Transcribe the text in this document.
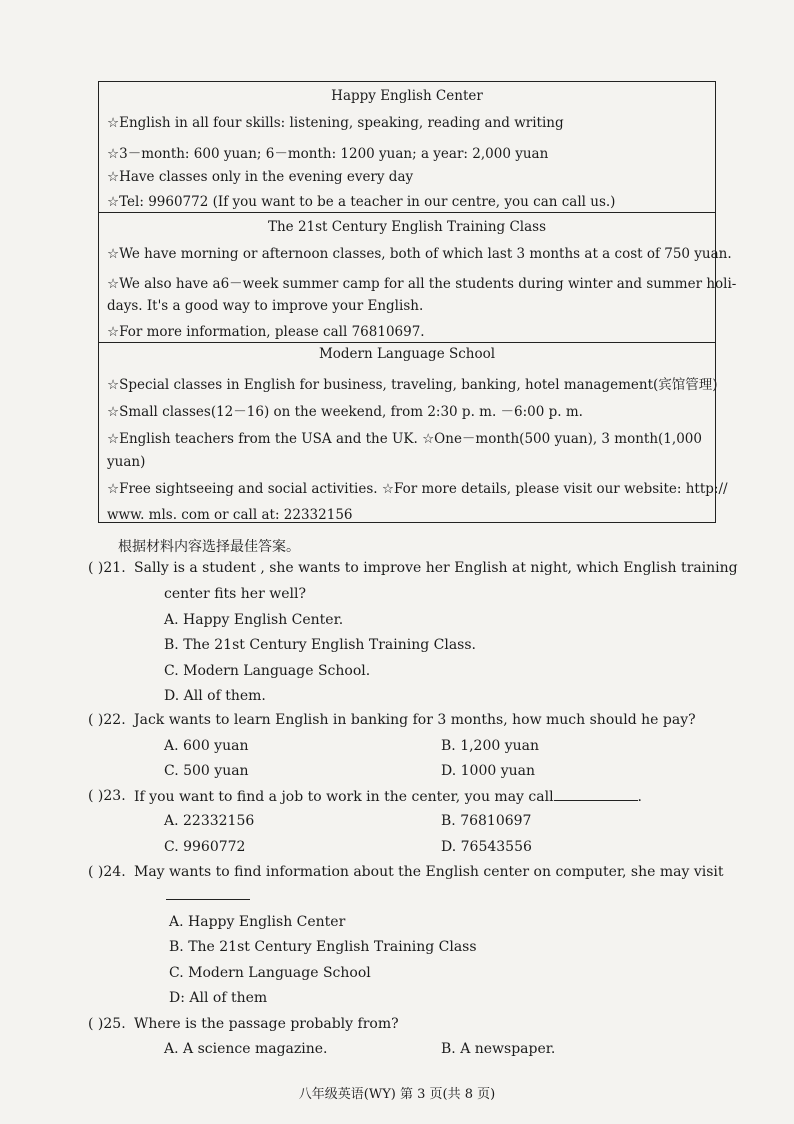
Happy English Center
☆English in all four skills: listening, speaking, reading and writing
☆3－month: 600 yuan; 6－month: 1200 yuan; a year: 2,000 yuan
☆Have classes only in the evening every day
☆Tel: 9960772 (If you want to be a teacher in our centre, you can call us.)
The 21st Century English Training Class
☆We have morning or afternoon classes, both of which last 3 months at a cost of 750 yuan.
☆We also have a6－week summer camp for all the students during winter and summer holi-
days. It's a good way to improve your English.
☆For more information, please call 76810697.
Modern Language School
☆Special classes in English for business, traveling, banking, hotel management(宾馆管理)
☆Small classes(12－16) on the weekend, from 2:30 p. m. －6:00 p. m.
☆English teachers from the USA and the UK. ☆One－month(500 yuan), 3 month(1,000
yuan)
☆Free sightseeing and social activities. ☆For more details, please visit our website: http://
www. mls. com or call at: 22332156
根据材料内容选择最佳答案。
( )21. Sally is a student , she wants to improve her English at night, which English training
center fits her well?
A. Happy English Center.
B. The 21st Century English Training Class.
C. Modern Language School.
D. All of them.
( )22. Jack wants to learn English in banking for 3 months, how much should he pay?
A. 600 yuan	B. 1,200 yuan
C. 500 yuan	D. 1000 yuan
( )23. If you want to find a job to work in the center, you may call	.
A. 22332156	B. 76810697
C. 9960772	D. 76543556
( )24. May wants to find information about the English center on computer, she may visit
A. Happy English Center
B. The 21st Century English Training Class
C. Modern Language School
D: All of them
( )25. Where is the passage probably from?
A. A science magazine.	B. A newspaper.
八年级英语(WY) 第 3 页(共 8 页)
